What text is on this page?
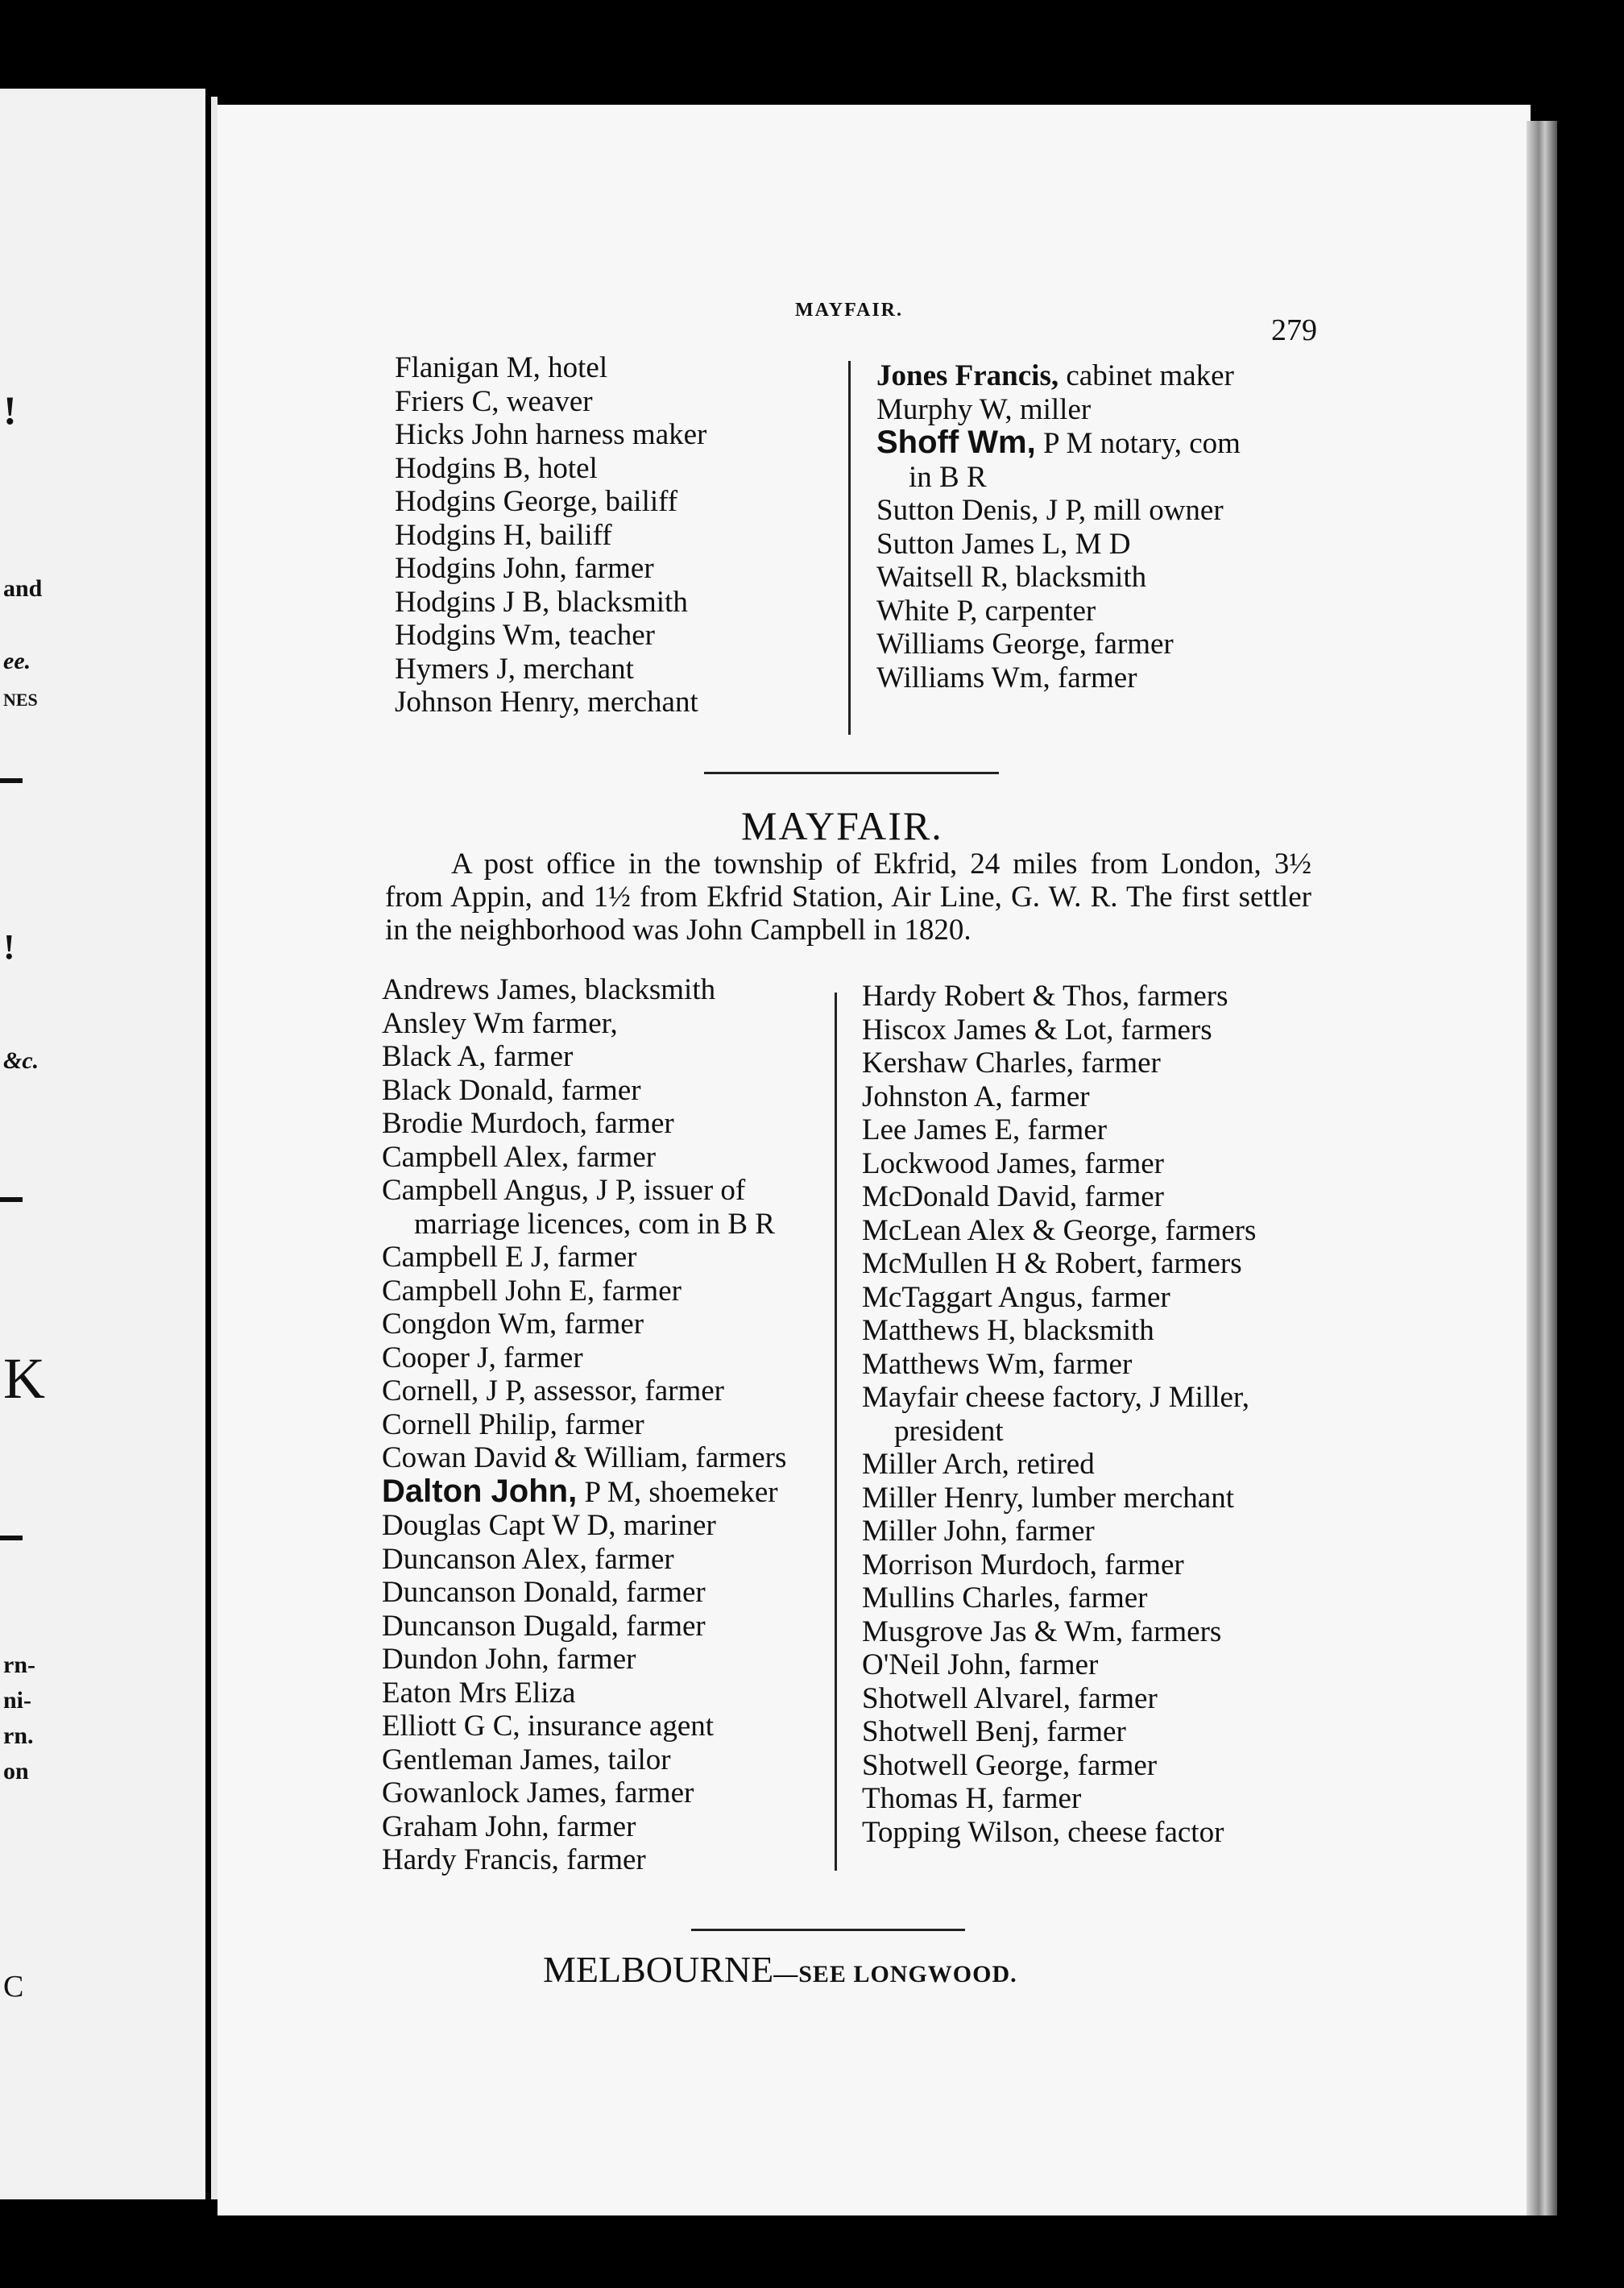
!
and
ee.
NES
!
&c.
K
rn-
ni-
rn.
on
C
MAYFAIR.
279
Flanigan M, hotel
Friers C, weaver
Hicks John harness maker
Hodgins B, hotel
Hodgins George, bailiff
Hodgins H, bailiff
Hodgins John, farmer
Hodgins J B, blacksmith
Hodgins Wm, teacher
Hymers J, merchant
Johnson Henry, merchant
Jones Francis, cabinet maker
Murphy W, miller
Shoff Wm, P M notary, com
in B R
Sutton Denis, J P, mill owner
Sutton James L, M D
Waitsell R, blacksmith
White P, carpenter
Williams George, farmer
Williams Wm, farmer
MAYFAIR.
A post office in the township of Ekfrid, 24 miles from London, 3½ from Appin, and 1½ from Ekfrid Station, Air Line, G. W. R. The first settler in the neighborhood was John Campbell in 1820.
Andrews James, blacksmith
Ansley Wm farmer,
Black A, farmer
Black Donald, farmer
Brodie Murdoch, farmer
Campbell Alex, farmer
Campbell Angus, J P, issuer of
marriage licences, com in B R
Campbell E J, farmer
Campbell John E, farmer
Congdon Wm, farmer
Cooper J, farmer
Cornell, J P, assessor, farmer
Cornell Philip, farmer
Cowan David & William, farmers
Dalton John, P M, shoemeker
Douglas Capt W D, mariner
Duncanson Alex, farmer
Duncanson Donald, farmer
Duncanson Dugald, farmer
Dundon John, farmer
Eaton Mrs Eliza
Elliott G C, insurance agent
Gentleman James, tailor
Gowanlock James, farmer
Graham John, farmer
Hardy Francis, farmer
Hardy Robert & Thos, farmers
Hiscox James & Lot, farmers
Kershaw Charles, farmer
Johnston A, farmer
Lee James E, farmer
Lockwood James, farmer
McDonald David, farmer
McLean Alex & George, farmers
McMullen H & Robert, farmers
McTaggart Angus, farmer
Matthews H, blacksmith
Matthews Wm, farmer
Mayfair cheese factory, J Miller,
president
Miller Arch, retired
Miller Henry, lumber merchant
Miller John, farmer
Morrison Murdoch, farmer
Mullins Charles, farmer
Musgrove Jas & Wm, farmers
O'Neil John, farmer
Shotwell Alvarel, farmer
Shotwell Benj, farmer
Shotwell George, farmer
Thomas H, farmer
Topping Wilson, cheese factor
MELBOURNE—SEE LONGWOOD.
